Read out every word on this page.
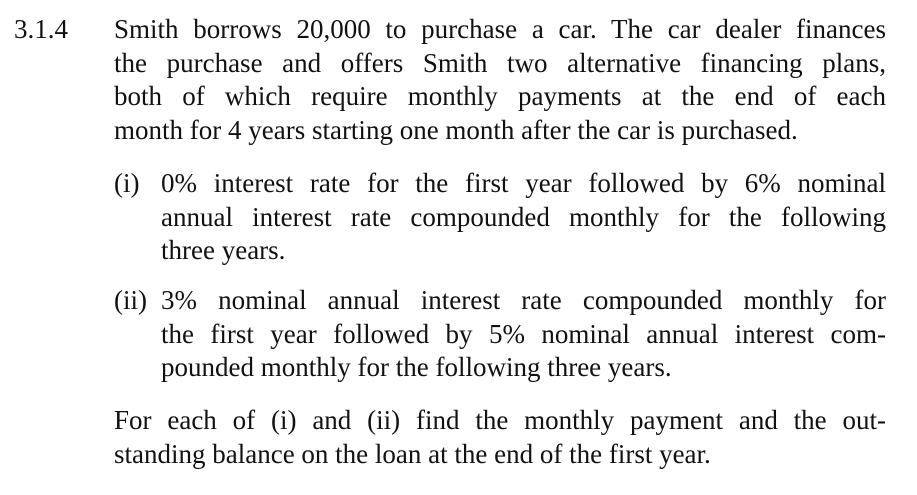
3.1.4 Smith borrows 20,000 to purchase a car. The car dealer finances
the purchase and offers Smith two alternative financing plans,
both of which require monthly payments at the end of each
month for 4 years starting one month after the car is purchased.
(i) 0% interest rate for the first year followed by 6% nominal
annual interest rate compounded monthly for the following
three years.
(ii) 3% nominal annual interest rate compounded monthly for
the first year followed by 5% nominal annual interest com-
pounded monthly for the following three years.
For each of (i) and (ii) find the monthly payment and the out-
standing balance on the loan at the end of the first year.
